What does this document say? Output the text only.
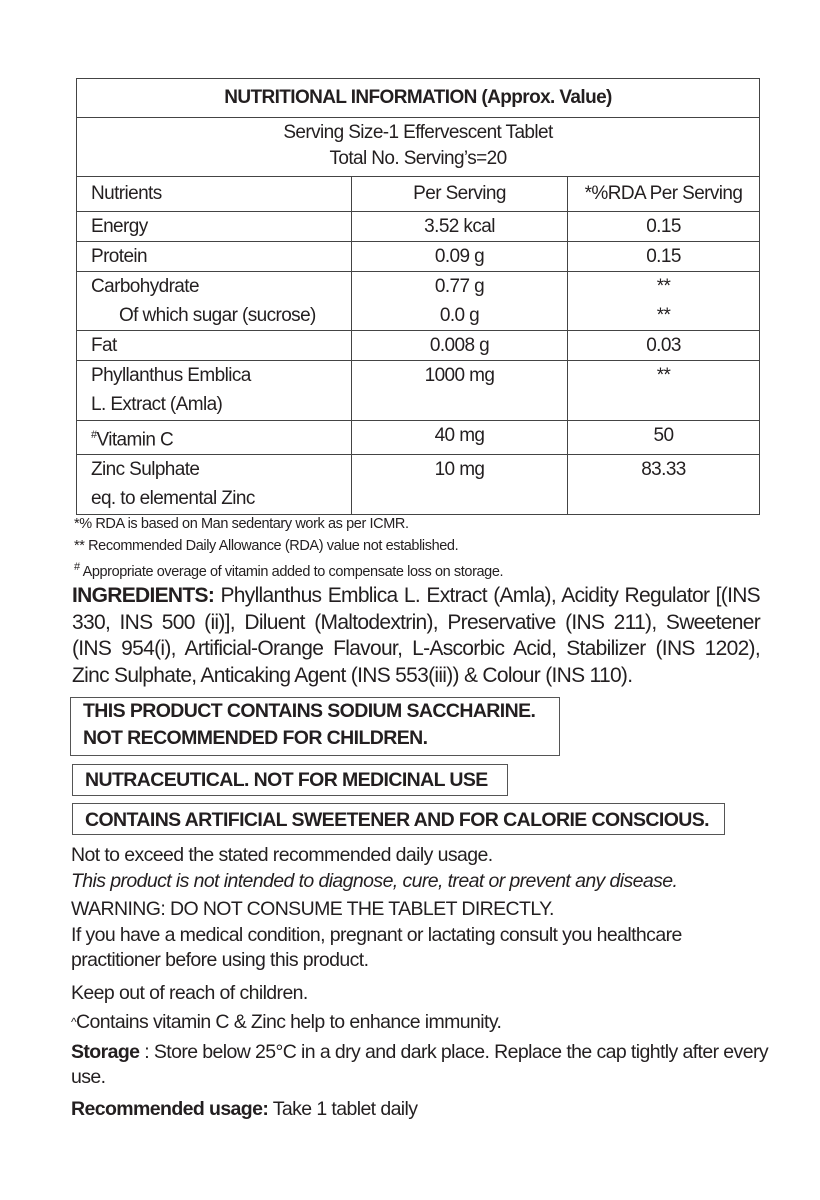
NUTRITIONAL INFORMATION (Approx. Value)		

Serving Size-1 Effervescent Tablet
Total No. Serving’s=20		

Nutrients	Per Serving	*%RDA Per Serving
Energy	3.52 kcal	0.15
Protein	0.09 g	0.15
Carbohydrate	0.77 g	**
Of which sugar (sucrose)	0.0 g	**
Fat	0.008 g	0.03

Phyllanthus Emblica
L. Extract (Amla)	1000 mg	**
#Vitamin C	40 mg	50

Zinc Sulphate
eq. to elemental Zinc	10 mg	83.33
*% RDA is based on Man sedentary work as per ICMR.
** Recommended Daily Allowance (RDA) value not established.
# Appropriate overage of vitamin added to compensate loss on storage.
INGREDIENTS: Phyllanthus Emblica L. Extract (Amla), Acidity Regulator [(INS 330, INS 500 (ii)], Diluent (Maltodextrin), Preservative (INS 211), Sweetener (INS 954(i), Artificial-Orange Flavour, L-Ascorbic Acid, Stabilizer (INS 1202), Zinc Sulphate, Anticaking Agent (INS 553(iii)) & Colour (INS 110).
THIS PRODUCT CONTAINS SODIUM SACCHARINE.
NOT RECOMMENDED FOR CHILDREN.
NUTRACEUTICAL. NOT FOR MEDICINAL USE
CONTAINS ARTIFICIAL SWEETENER AND FOR CALORIE CONSCIOUS.
Not to exceed the stated recommended daily usage.
This product is not intended to diagnose, cure, treat or prevent any disease.
WARNING: DO NOT CONSUME THE TABLET DIRECTLY.
If you have a medical condition, pregnant or lactating consult you healthcare practitioner before using this product.
Keep out of reach of children.
^Contains vitamin C & Zinc help to enhance immunity.
Storage : Store below 25°C in a dry and dark place. Replace the cap tightly after every use.
Recommended usage: Take 1 tablet daily
